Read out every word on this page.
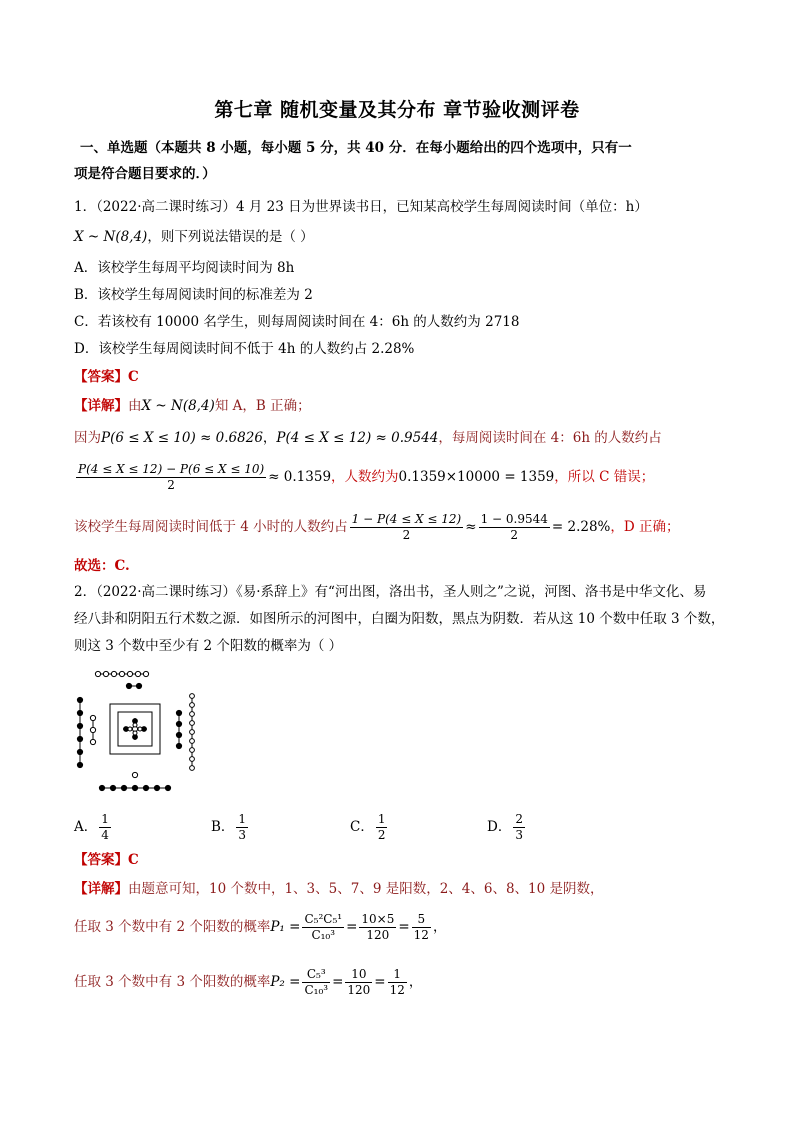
第七章 随机变量及其分布 章节验收测评卷
一、单选题（本题共 8 小题，每小题 5 分，共 40 分．在每小题给出的四个选项中，只有一
项是符合题目要求的．）
1．（2022·高二课时练习）4 月 23 日为世界读书日，已知某高校学生每周阅读时间（单位：h）
X ~ N(8,4)，则下列说法错误的是（ ）
A．该校学生每周平均阅读时间为 8h
B．该校学生每周阅读时间的标准差为 2
C．若该校有 10000 名学生，则每周阅读时间在 4：6h 的人数约为 2718
D．该校学生每周阅读时间不低于 4h 的人数约占 2.28%
【答案】C
【详解】由X ~ N(8,4)知 A，B 正确；
因为P(6 ≤ X ≤ 10) ≈ 0.6826，P(4 ≤ X ≤ 12) ≈ 0.9544，每周阅读时间在 4：6h 的人数约占
$\frac{P(4 \le X \le 12) - P(6 \le X \le 10)}{2} \approx 0.1359$，人数约为0.1359×10000 = 1359，所以 C 错误；
该校学生每周阅读时间低于 4 小时的人数约占 $\frac{1 - P(4 \le X \le 12)}{2} \approx \frac{1 - 0.9544}{2} = 2.28\%$，D 正确；
故选：C.
2．（2022·高二课时练习）《易·系辞上》有“河出图，洛出书，圣人则之”之说，河图、洛书是中华文化、易
经八卦和阴阳五行术数之源．如图所示的河图中，白圈为阳数，黑点为阴数．若从这 10 个数中任取 3 个数，
则这 3 个数中至少有 2 个阳数的概率为（ ）
A． $\frac{1}{4}$	B． $\frac{1}{3}$	C． $\frac{1}{2}$	D． $\frac{2}{3}$
【答案】C
【详解】由题意可知，10 个数中，1、3、5、7、9 是阳数，2、4、6、8、10 是阴数，
任取 3 个数中有 2 个阳数的概率$P_1 = \frac{\text{C₅²C₅¹}}{\text{C₁₀³}} = \frac{10\times 5}{120} = \frac{5}{12}$ ，
任取 3 个数中有 3 个阳数的概率$P_2 = \frac{\text{C₅³}}{\text{C₁₀³}} = \frac{10}{120} = \frac{1}{12}$ ，
